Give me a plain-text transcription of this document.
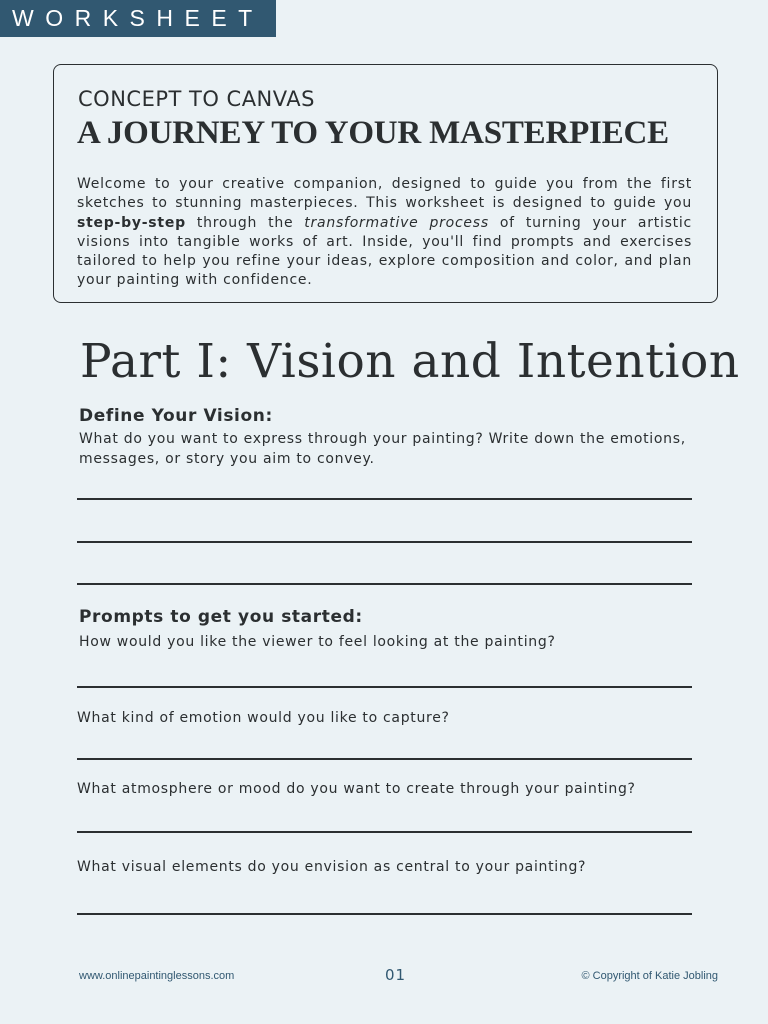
WORKSHEET
CONCEPT TO CANVAS
A JOURNEY TO YOUR MASTERPIECE

Welcome to your creative companion, designed to guide you from the first sketches to stunning masterpieces. This worksheet is designed to guide you step-by-step through the transformative process of turning your artistic visions into tangible works of art. Inside, you'll find prompts and exercises tailored to help you refine your ideas, explore composition and color, and plan your painting with confidence.

Part I: Vision and Intention
Define Your Vision:

What do you want to express through your painting? Write down the emotions, messages, or story you aim to convey.

Prompts to get you started:

How would you like the viewer to feel looking at the painting?

What kind of emotion would you like to capture?

What atmosphere or mood do you want to create through your painting?

What visual elements do you envision as central to your painting?

www.onlinepaintinglessons.com	01	© Copyright of Katie Jobling
